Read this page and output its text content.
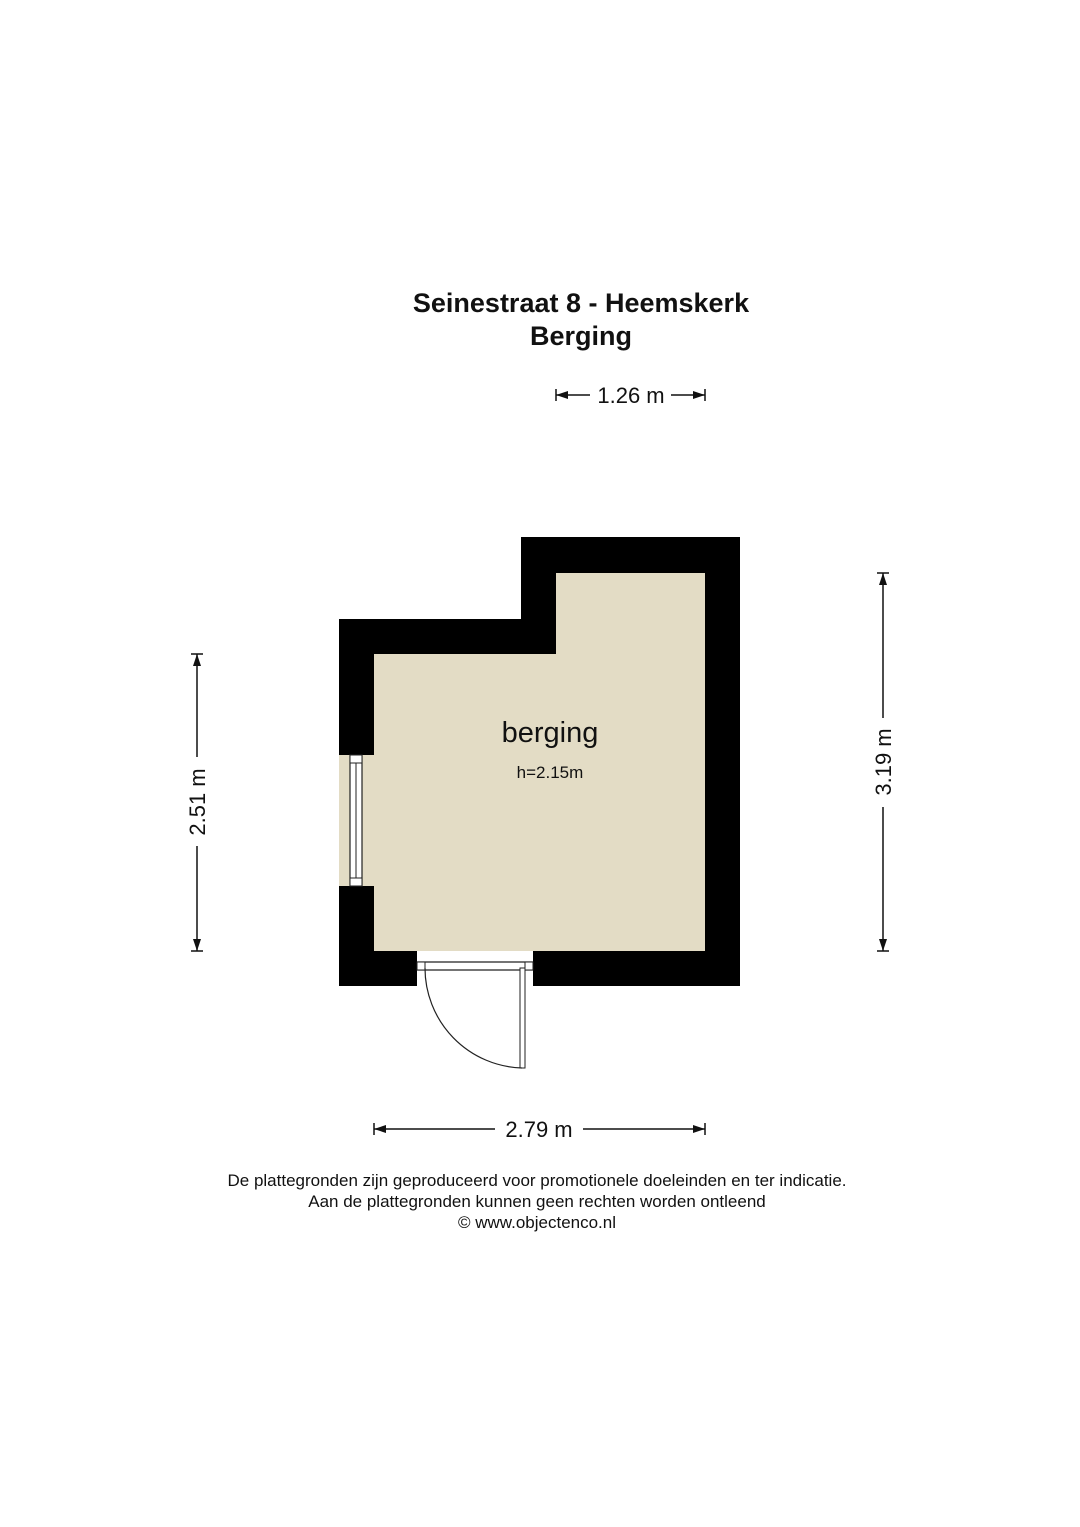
Seinestraat 8 - Heemskerk
Berging
berging
h=2.15m
1.26 m
2.51 m
3.19 m
2.79 m
De plattegronden zijn geproduceerd voor promotionele doeleinden en ter indicatie.
Aan de plattegronden kunnen geen rechten worden ontleend
© www.objectenco.nl
